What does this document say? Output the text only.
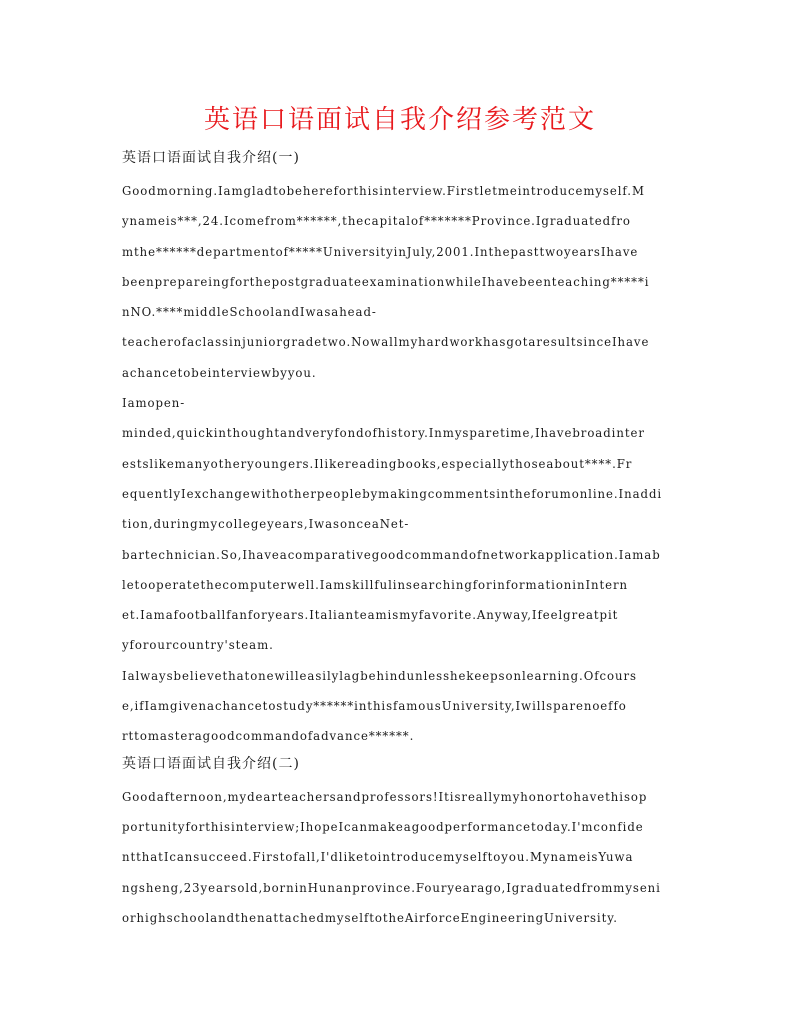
英语口语面试自我介绍参考范文
英语口语面试自我介绍(一)
Goodmorning.Iamgladtobehereforthisinterview.Firstletmeintroducemyself.M
ynameis***,24.Icomefrom******,thecapitalof*******Province.Igraduatedfro
mthe******departmentof*****UniversityinJuly,2001.InthepasttwoyearsIhave
beenprepareingforthepostgraduateexaminationwhileIhavebeenteaching*****i
nNO.****middleSchoolandIwasahead-
teacherofaclassinjuniorgradetwo.NowallmyhardworkhasgotaresultsinceIhave
achancetobeinterviewbyyou.
Iamopen-
minded,quickinthoughtandveryfondofhistory.Inmysparetime,Ihavebroadinter
estslikemanyotheryoungers.Ilikereadingbooks,especiallythoseabout****.Fr
equentlyIexchangewithotherpeoplebymakingcommentsintheforumonline.Inaddi
tion,duringmycollegeyears,IwasonceaNet-
bartechnician.So,Ihaveacomparativegoodcommandofnetworkapplication.Iamab
letooperatethecomputerwell.IamskillfulinsearchingforinformationinIntern
et.Iamafootballfanforyears.Italianteamismyfavorite.Anyway,Ifeelgreatpit
yforourcountry'steam.
Ialwaysbelievethatonewilleasilylagbehindunlesshekeepsonlearning.Ofcours
e,ifIamgivenachancetostudy******inthisfamousUniversity,Iwillsparenoeffo
rttomasteragoodcommandofadvance******.
英语口语面试自我介绍(二)
Goodafternoon,mydearteachersandprofessors!Itisreallymyhonortohavethisop
portunityforthisinterview;IhopeIcanmakeagoodperformancetoday.I'mconfide
ntthatIcansucceed.Firstofall,I'dliketointroducemyselftoyou.MynameisYuwa
ngsheng,23yearsold,borninHunanprovince.Fouryearago,Igraduatedfrommyseni
orhighschoolandthenattachedmyselftotheAirforceEngineeringUniversity.
